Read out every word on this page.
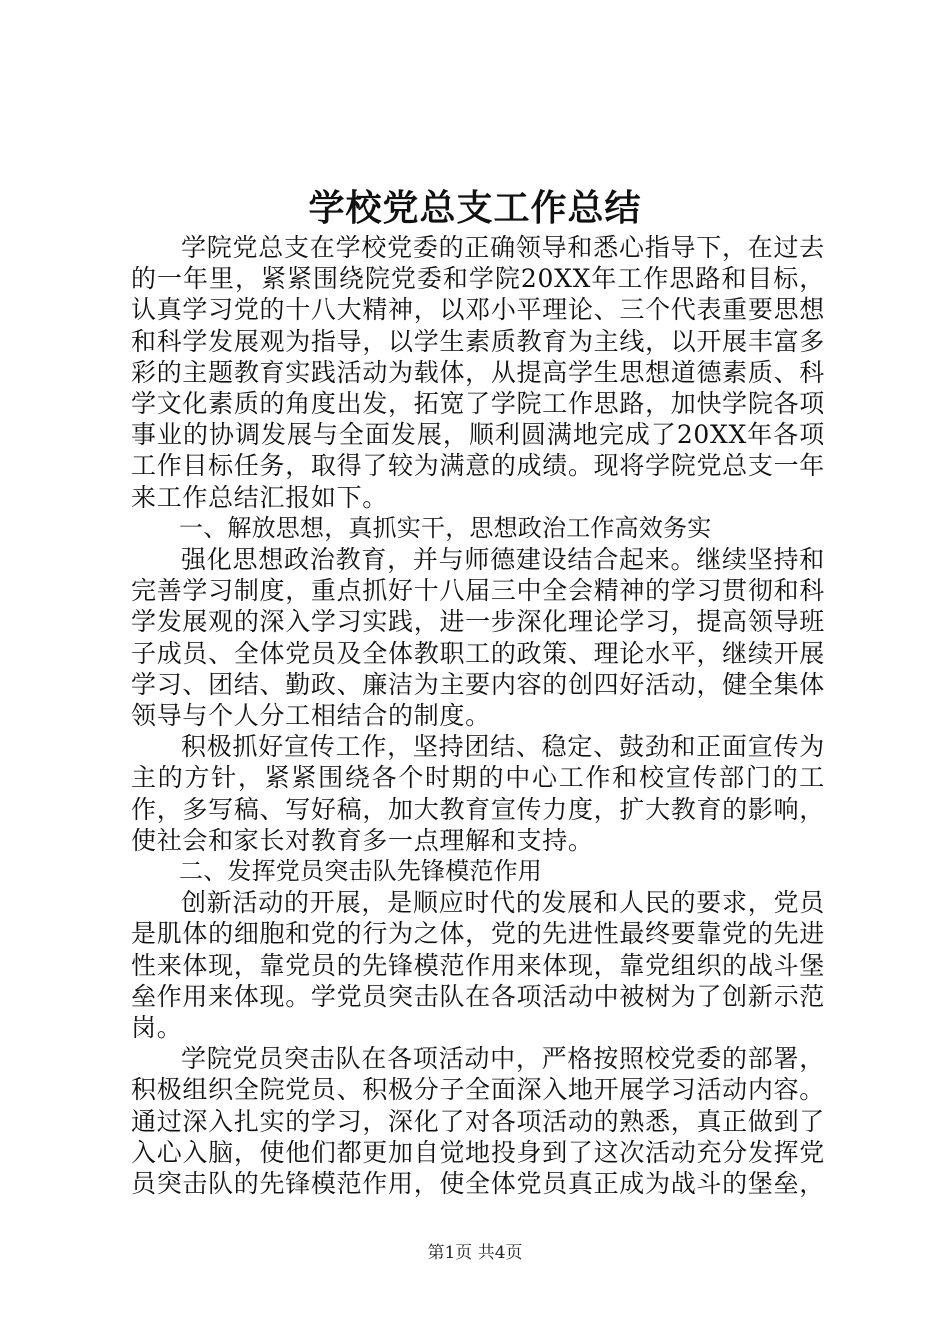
学校党总支工作总结

学院党总支在学校党委的正确领导和悉心指导下，在过去的一年里，紧紧围绕院党委和学院20XX年工作思路和目标，认真学习党的十八大精神，以邓小平理论、三个代表重要思想和科学发展观为指导，以学生素质教育为主线，以开展丰富多彩的主题教育实践活动为载体，从提高学生思想道德素质、科学文化素质的角度出发，拓宽了学院工作思路，加快学院各项事业的协调发展与全面发展，顺利圆满地完成了20XX年各项工作目标任务，取得了较为满意的成绩。现将学院党总支一年来工作总结汇报如下。

一、解放思想，真抓实干，思想政治工作高效务实

强化思想政治教育，并与师德建设结合起来。继续坚持和完善学习制度，重点抓好十八届三中全会精神的学习贯彻和科学发展观的深入学习实践，进一步深化理论学习，提高领导班子成员、全体党员及全体教职工的政策、理论水平，继续开展学习、团结、勤政、廉洁为主要内容的创四好活动，健全集体领导与个人分工相结合的制度。

积极抓好宣传工作，坚持团结、稳定、鼓劲和正面宣传为主的方针，紧紧围绕各个时期的中心工作和校宣传部门的工作，多写稿、写好稿，加大教育宣传力度，扩大教育的影响，使社会和家长对教育多一点理解和支持。

二、发挥党员突击队先锋模范作用

创新活动的开展，是顺应时代的发展和人民的要求，党员是肌体的细胞和党的行为之体，党的先进性最终要靠党的先进性来体现，靠党员的先锋模范作用来体现，靠党组织的战斗堡垒作用来体现。学党员突击队在各项活动中被树为了创新示范岗。

学院党员突击队在各项活动中，严格按照校党委的部署，积极组织全院党员、积极分子全面深入地开展学习活动内容。通过深入扎实的学习，深化了对各项活动的熟悉，真正做到了入心入脑，使他们都更加自觉地投身到了这次活动充分发挥党员突击队的先锋模范作用，使全体党员真正成为战斗的堡垒，

第1页 共4页
